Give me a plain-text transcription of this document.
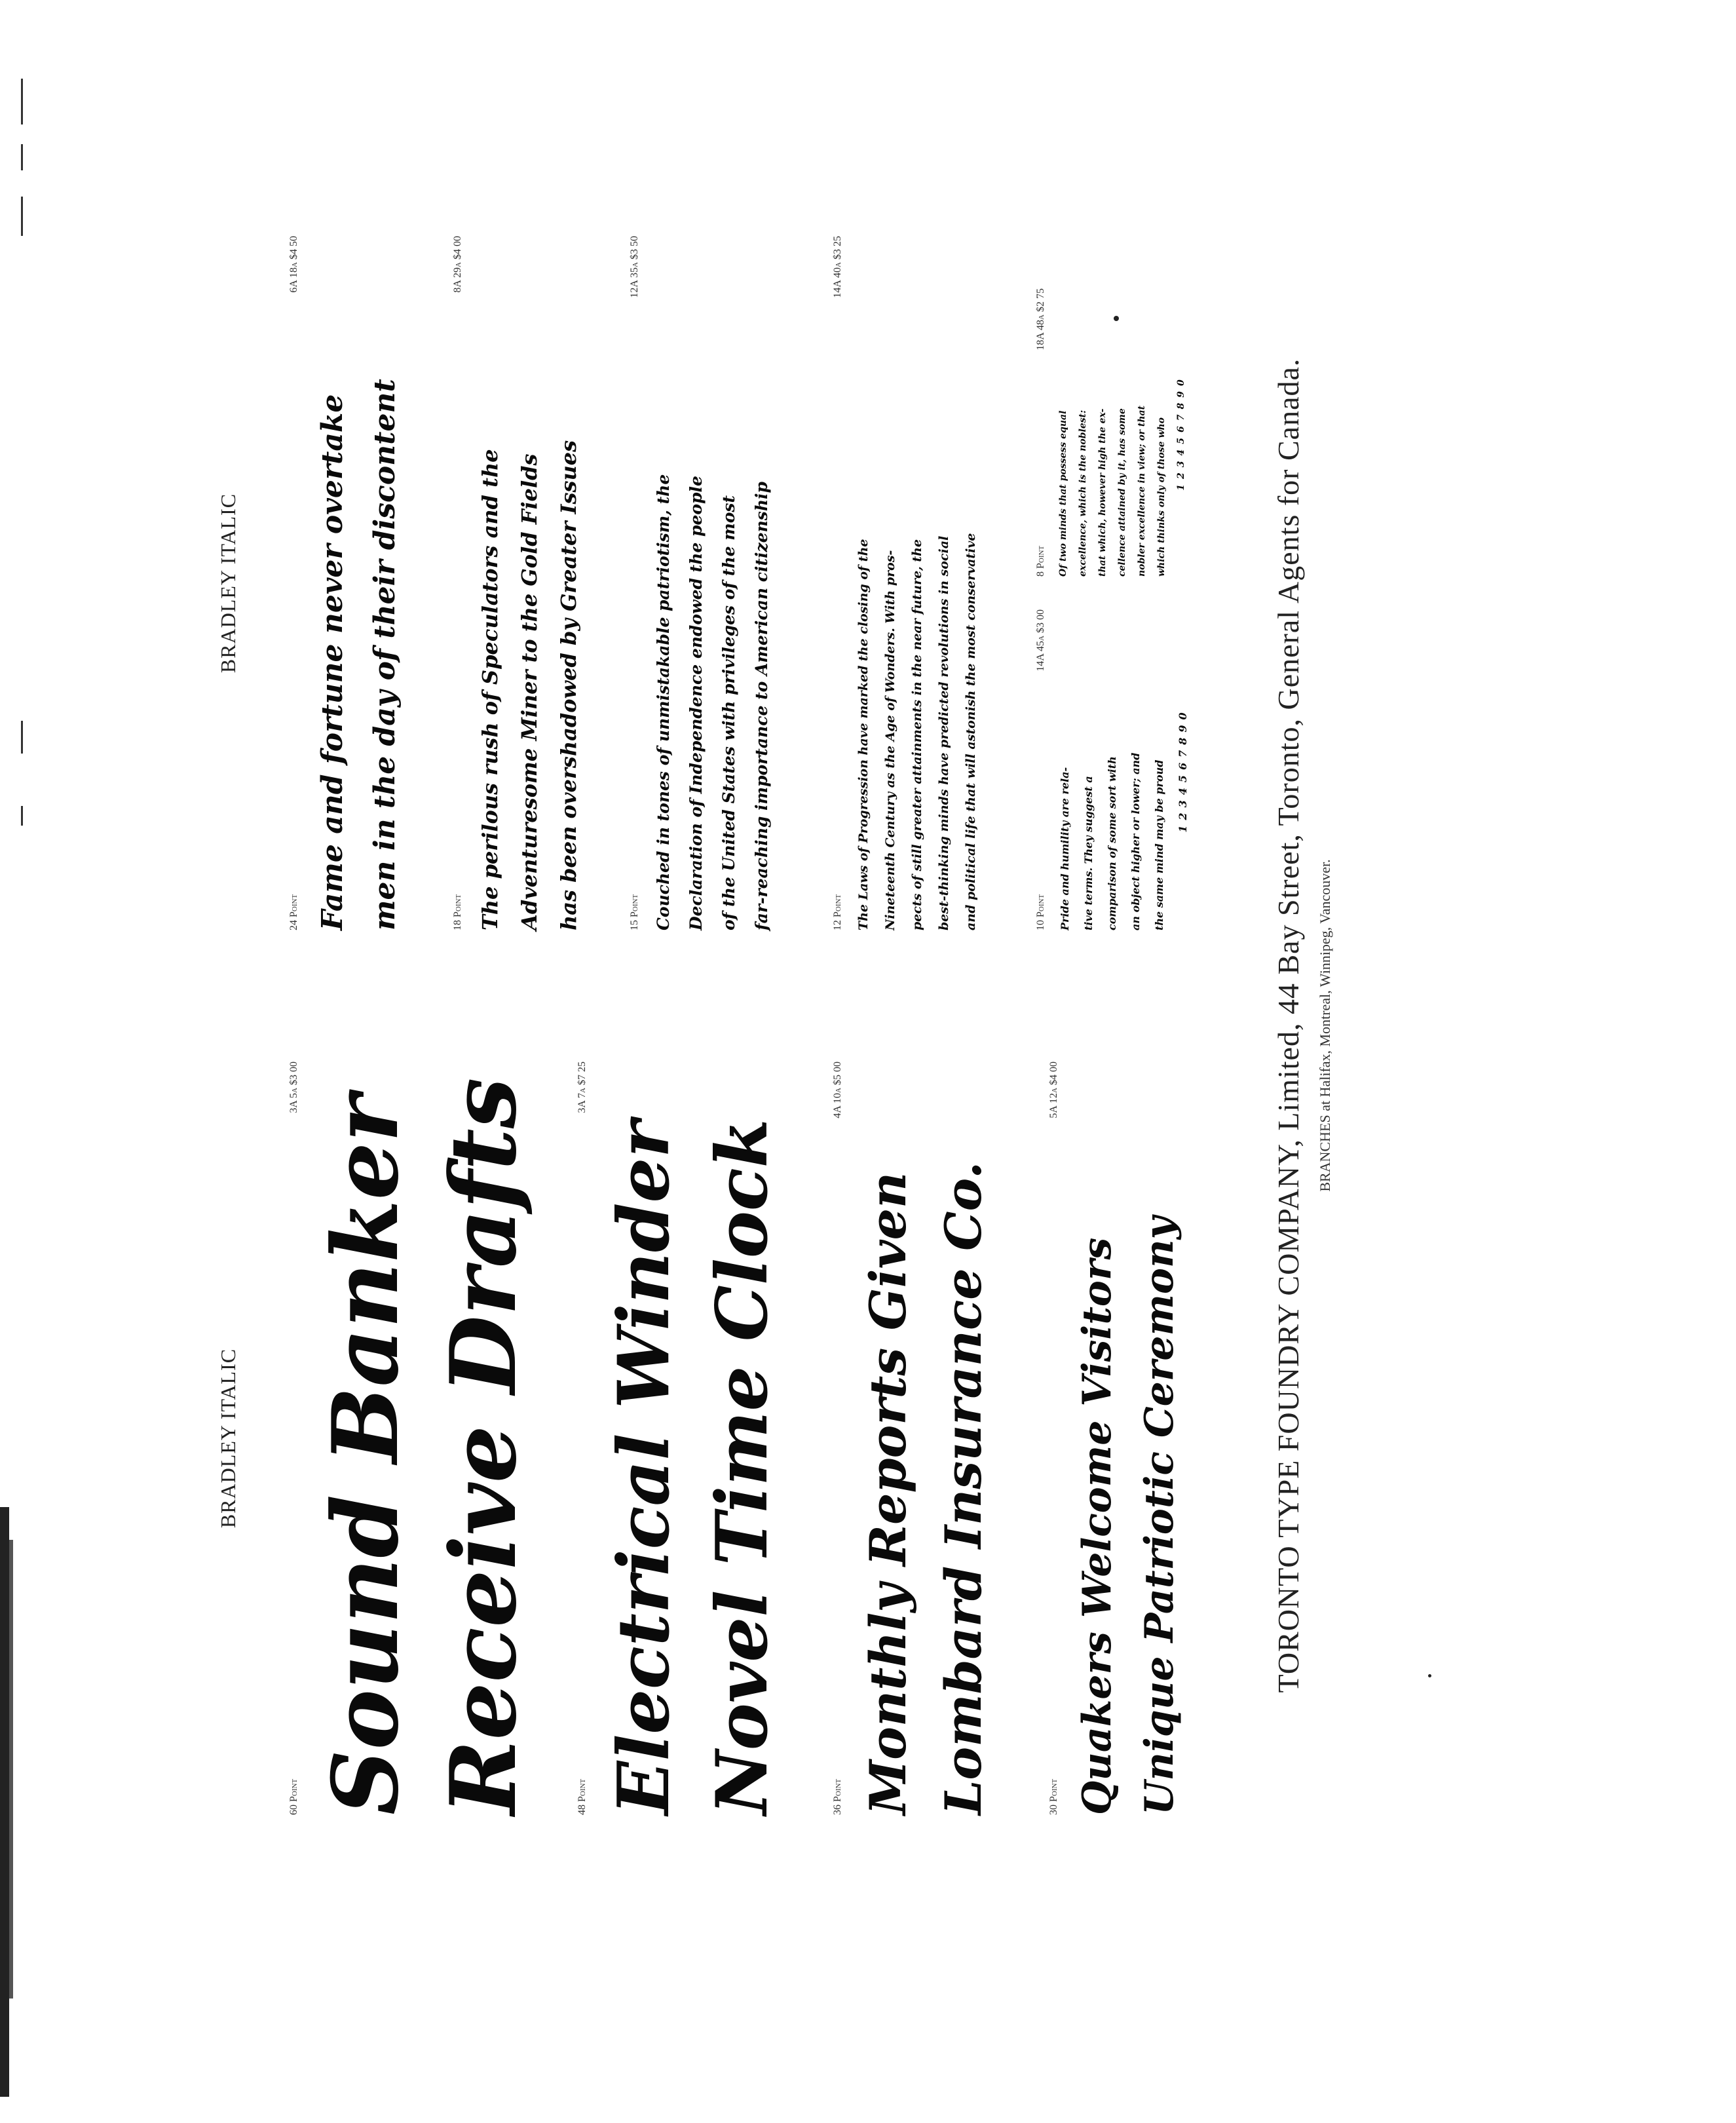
BRADLEY ITALIC
60 Point
3A 5a $3 00
Sound Banker Receive Drafts	48 Point
3A 7a $7 25
Electrical Winder Novel Time Clock	36 Point
4A 10a $5 00
Monthly Reports Given Lombard Insurance Co.	30 Point
5A 12a $4 00
Quakers Welcome Visitors Unique Patriotic Ceremony
BRADLEY ITALIC
24 Point
6A 18a $4 50
Fame and fortune never overtake men in the day of their discontent	18 Point
8A 29a $4 00
The perilous rush of Speculators and the Adventuresome Miner to the Gold Fields has been overshadowed by Greater Issues	15 Point
12A 35a $3 50
Couched in tones of unmistakable patriotism, the Declaration of Independence endowed the people of the United States with privileges of the most far-reaching importance to American citizenship	12 Point
14A 40a $3 25
The Laws of Progression have marked the closing of the	Nineteenth Century as the Age of Wonders. With pros-	pects of still greater attainments in the near future, the	best-thinking minds have predicted revolutions in social	and political life that will astonish the most conservative	10 Point
14A 45a $3 00
Pride and humility are rela-	tive terms. They suggest a	comparison of some sort with	an object higher or lower; and	the same mind may be proud	1234567890
8 Point
18A 48a $2 75
Of two minds that possess equal	excellence, which is the noblest:	that which, however high the ex-	cellence attained by it, has some	nobler excellence in view; or that	which thinks only of those who	1234567890	TORONTO TYPE FOUNDRY COMPANY, Limited, 44 Bay Street, Toronto, General Agents for Canada. BRANCHES at Halifax, Montreal, Winnipeg, Vancouver.
